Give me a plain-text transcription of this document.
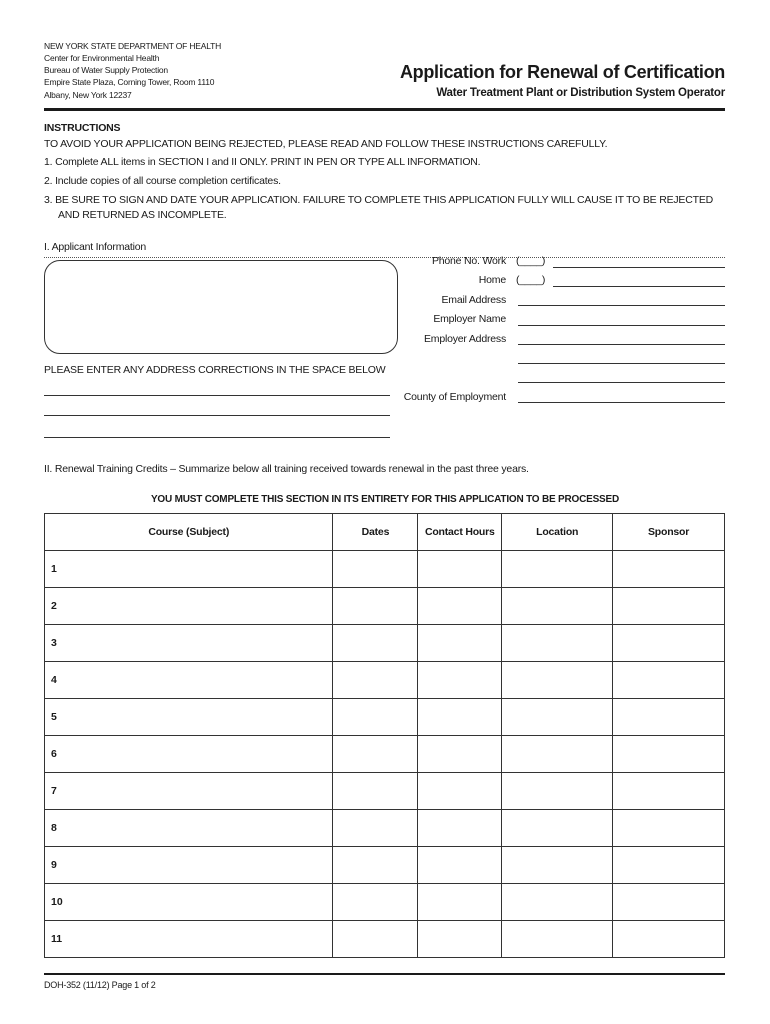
NEW YORK STATE DEPARTMENT OF HEALTH
Center for Environmental Health
Bureau of Water Supply Protection
Empire State Plaza, Corning Tower, Room 1110
Albany, New York 12237
Application for Renewal of Certification
Water Treatment Plant or Distribution System Operator
INSTRUCTIONS
TO AVOID YOUR APPLICATION BEING REJECTED, PLEASE READ AND FOLLOW THESE INSTRUCTIONS CAREFULLY.
1. Complete ALL items in SECTION I and II ONLY. PRINT IN PEN OR TYPE ALL INFORMATION.
2. Include copies of all course completion certificates.
3. BE SURE TO SIGN AND DATE YOUR APPLICATION. FAILURE TO COMPLETE THIS APPLICATION FULLY WILL CAUSE IT TO BE REJECTED
AND RETURNED AS INCOMPLETE.
I. Applicant Information
Phone No. Work (____)
Home (____)
Email Address
Employer Name
Employer Address
County of Employment
PLEASE ENTER ANY ADDRESS CORRECTIONS IN THE SPACE BELOW
II. Renewal Training Credits – Summarize below all training received towards renewal in the past three years.
YOU MUST COMPLETE THIS SECTION IN ITS ENTIRETY FOR THIS APPLICATION TO BE PROCESSED
Course (Subject)	Dates	Contact Hours	Location	Sponsor
1				
2				
3				
4				
5				
6				
7				
8				
9				
10				
11				
DOH-352 (11/12) Page 1 of 2
